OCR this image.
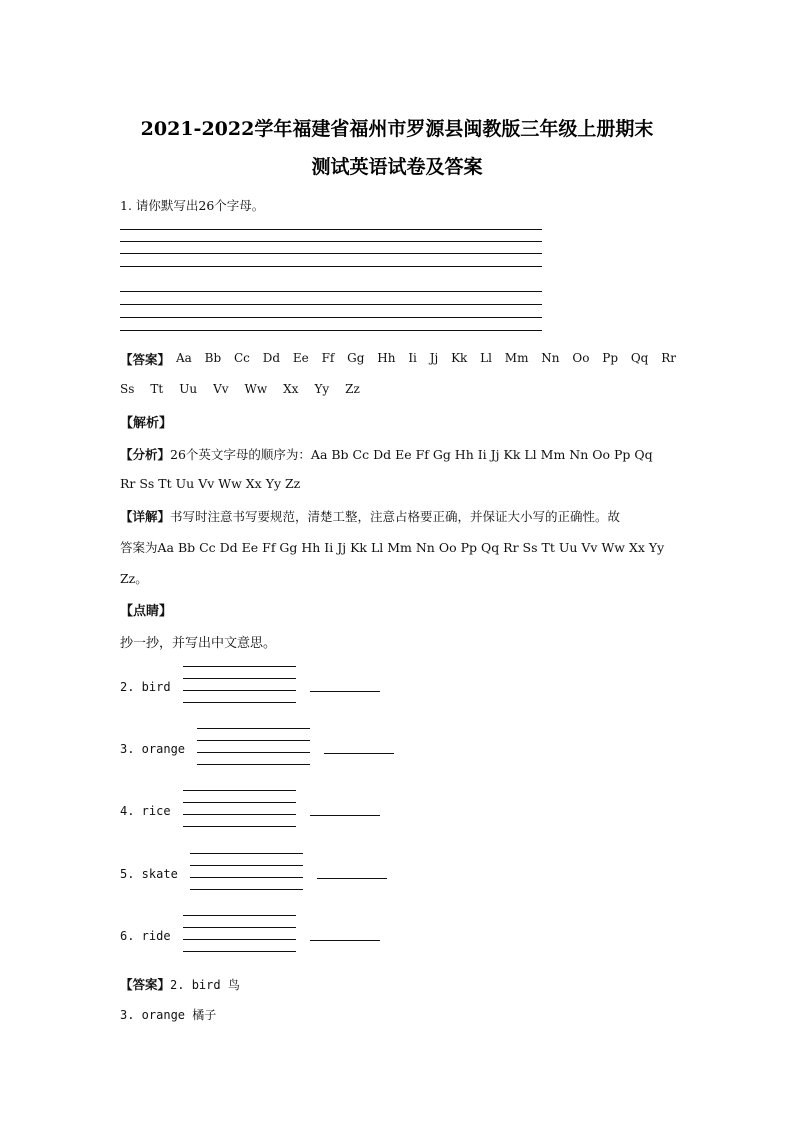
2021-2022学年福建省福州市罗源县闽教版三年级上册期末
测试英语试卷及答案
1. 请你默写出26个字母。
【答案】 Aa Bb Cc Dd Ee Ff Gg Hh Ii Jj Kk Ll Mm Nn Oo Pp Qq Rr
Ss Tt Uu Vv Ww Xx Yy Zz
【解析】
【分析】26个英文字母的顺序为：Aa Bb Cc Dd Ee Ff Gg Hh Ii Jj Kk Ll Mm Nn Oo Pp Qq
Rr Ss Tt Uu Vv Ww Xx Yy Zz
【详解】书写时注意书写要规范，清楚工整，注意占格要正确，并保证大小写的正确性。故
答案为Aa Bb Cc Dd Ee Ff Gg Hh Ii Jj Kk Ll Mm Nn Oo Pp Qq Rr Ss Tt Uu Vv Ww Xx Yy
Zz。
【点睛】
抄一抄，并写出中文意思。
2. bird
3. orange
4. rice
5. skate
6. ride
【答案】2. bird 鸟
3. orange 橘子
